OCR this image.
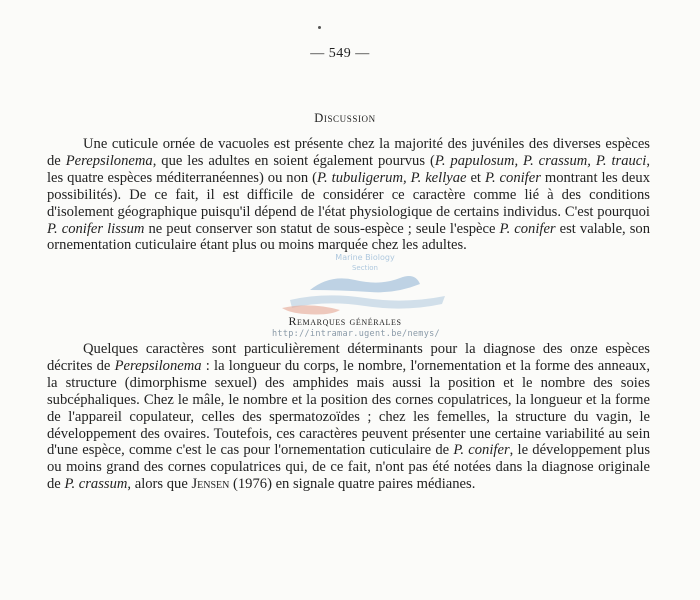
— 549 —
Discussion

Une cuticule ornée de vacuoles est présente chez la majorité des juvéniles des diverses espèces de Perepsilonema, que les adultes en soient également pourvus (P. papulosum, P. crassum, P. trauci, les quatre espèces méditerranéennes) ou non (P. tubuligerum, P. kellyae et P. conifer montrant les deux possibilités). De ce fait, il est difficile de considérer ce caractère comme lié à des conditions d'isolement géographique puisqu'il dépend de l'état physiologique de certains individus. C'est pourquoi P. conifer lissum ne peut conserver son statut de sous-espèce ; seule l'espèce P. conifer est valable, son ornementation cuticulaire étant plus ou moins marquée chez les adultes.

Marine Biology
Section
Remarques générales
http://intramar.ugent.be/nemys/

Quelques caractères sont particulièrement déterminants pour la diagnose des onze espèces décrites de Perepsilonema : la longueur du corps, le nombre, l'ornementation et la forme des anneaux, la structure (dimorphisme sexuel) des amphides mais aussi la position et le nombre des soies subcéphaliques. Chez le mâle, le nombre et la position des cornes copulatrices, la longueur et la forme de l'appareil copulateur, celles des spermatozoïdes ; chez les femelles, la structure du vagin, le développement des ovaires. Toutefois, ces caractères peuvent présenter une certaine variabilité au sein d'une espèce, comme c'est le cas pour l'ornementation cuticulaire de P. conifer, le développement plus ou moins grand des cornes copulatrices qui, de ce fait, n'ont pas été notées dans la diagnose originale de P. crassum, alors que Jensen (1976) en signale quatre paires médianes.
